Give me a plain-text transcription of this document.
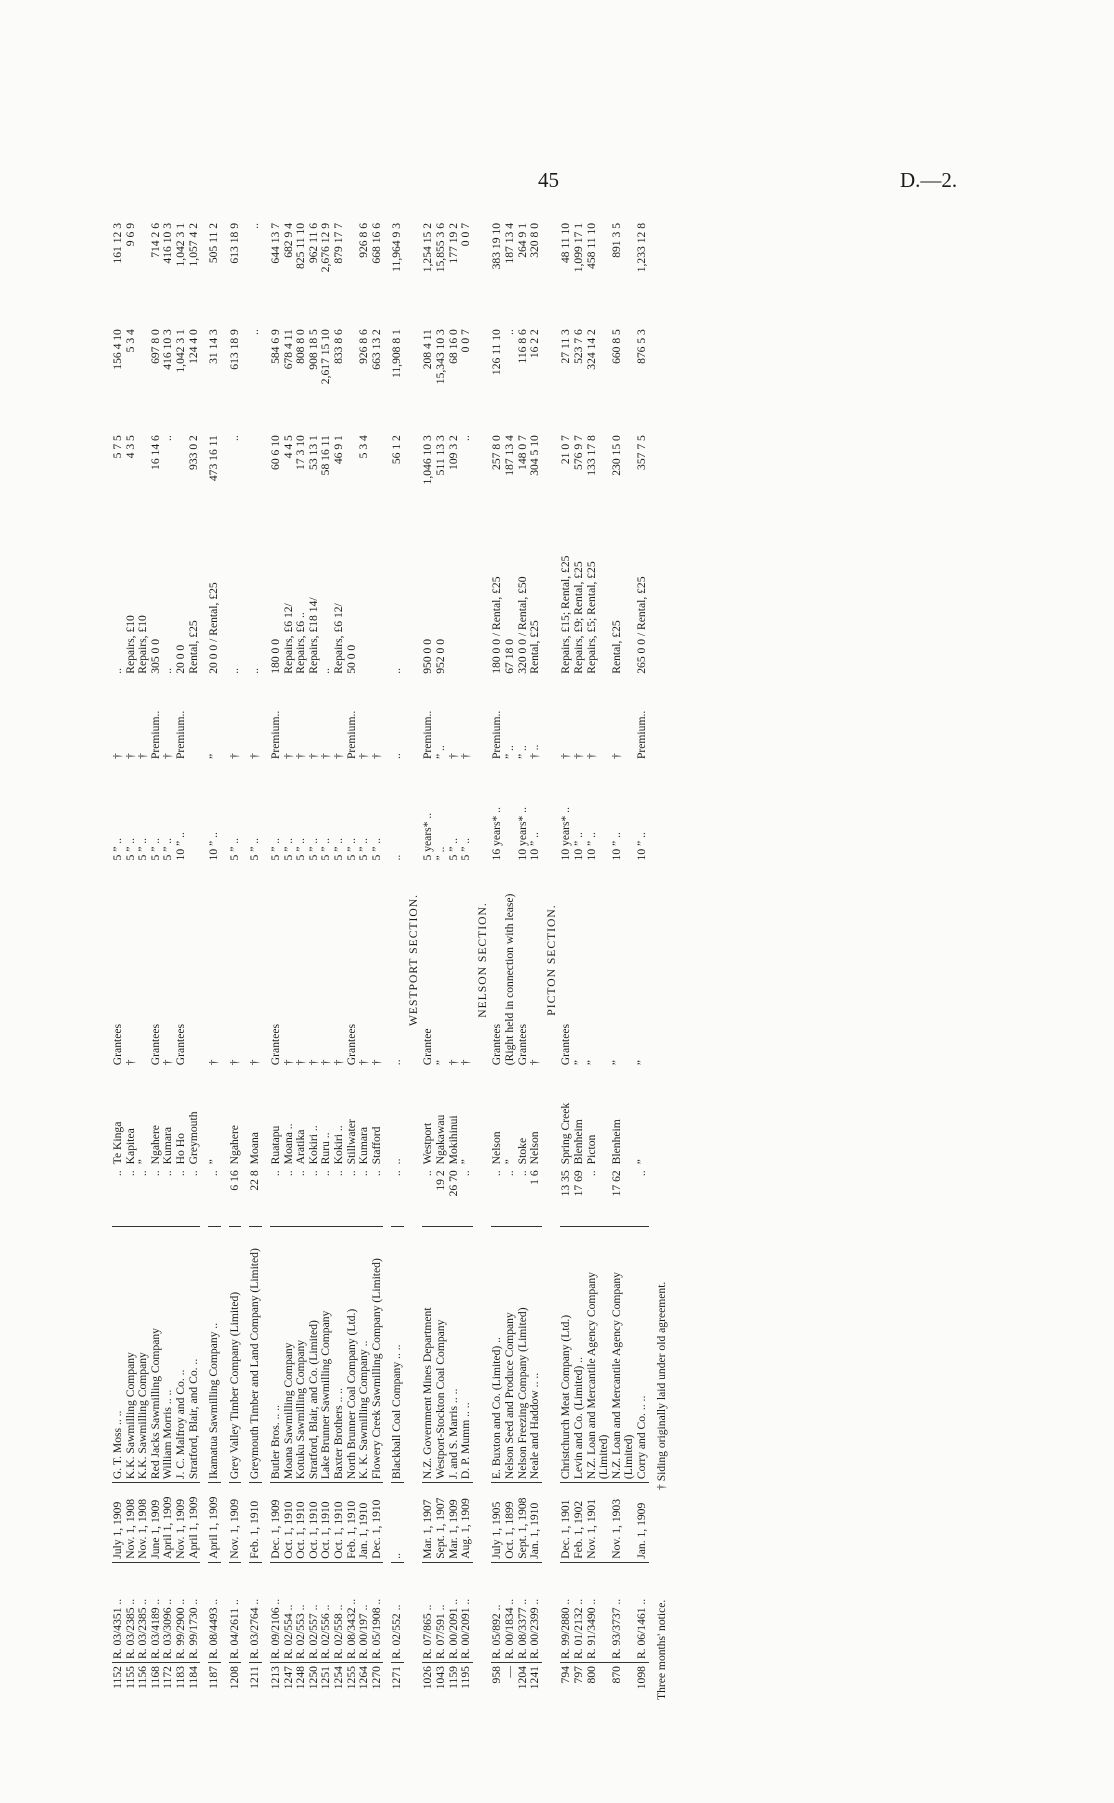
45	D.—2.
1152	R. 03/4351 ..	July 1, 1909	G. T. Moss .. ..	..	Te Kinga	Grantees	5 ” ..	†	..	5 7 5	156 4 10	161 12 3
1155	R. 03/2385 ..	Nov. 1, 1908	K.K. Sawmilling Company	..	Kapitea	†	5 ” ..	†	Repairs, £10	4 3 5	5 3 4	9 6 9
1156	R. 03/2385 ..	Nov. 1, 1908	K.K. Sawmilling Company	..	”		5 ” ..	†	Repairs, £10			
1168	R. 03/4189 ..	June 1, 1909	Red Jacks Sawmilling Company	..	Ngahere	Grantees	5 ” ..	Premium..	305 0 0	16 14 6	697 8 0	714 2 6
1172	R. 03/3096 ..	April 1, 1909	William Morris .. ..	..	Kumara	†	5 ” ..	†	..	..	416 10 3	416 10 3
1183	R. 99/2900 ..	Nov. 1, 1909	J. C. Malfroy and Co. ..	..	Ho Ho	Grantees	10 ” ..	Premium..	20 0 0		1,042 3 1	1,042 3 1
1184	R. 99/1730 ..	April 1, 1909	Stratford, Blair, and Co. ..	..	Greymouth				Rental, £25	933 0 2	124 4 0	1,057 4 2

1187	R. 08/4493 ..	April 1, 1909	Ikamatua Sawmilling Company ..	..	”	†	10 ” ..	”	20 0 0 / Rental, £25	473 16 11	31 14 3	505 11 2

1208	R. 04/2611 ..	Nov. 1, 1909	Grey Valley Timber Company (Limited)	6 16	Ngahere	†	5 ” ..	†	..	..	613 18 9	613 18 9

1211	R. 03/2764 ..	Feb. 1, 1910	Greymouth Timber and Land Company (Limited)	22 8	Moana	†	5 ” ..	†	..		..	..

1213	R. 09/2106 ..	Dec. 1, 1909	Butler Bros. .. ..	..	Ruatapu	Grantees	5 ” ..	Premium..	180 0 0	60 6 10	584 6 9	644 13 7
1247	R. 02/554 ..	Oct. 1, 1910	Moana Sawmilling Company	..	Moana ..	†	5 ” ..	†	Repairs, £6 12/	4 4 5	678 4 11	682 9 4
1248	R. 02/553 ..	Oct. 1, 1910	Kotuku Sawmilling Company	..	Aratika	†	5 ” ..	†	Repairs, £6 ..	17 3 10	808 8 0	825 11 10
1250	R. 02/557 ..	Oct. 1, 1910	Stratford, Blair, and Co. (Limited)	..	Kokiri ..	†	5 ” ..	†	Repairs, £18 14/	53 13 1	908 18 5	962 11 6
1251	R. 02/556 ..	Oct. 1, 1910	Lake Brunner Sawmilling Company	..	Ruru ..	†	5 ” ..	†	..	58 16 11	2,617 15 10	2,676 12 9
1254	R. 02/558 ..	Oct. 1, 1910	Baxter Brothers .. ..	..	Kokiri ..	†	5 ” ..	†	Repairs, £6 12/	46 9 1	833 8 6	879 17 7
1255	R. 08/3432 ..	Feb. 1, 1910	North Brunner Coal Company (Ltd.)	..	Stillwater	Grantees	5 ” ..	Premium..	50 0 0			
1264	R. 00/197 ..	Jan. 1, 1910	K. K. Sawmilling Company ..	..	Kumara	†	5 ” ..	†		5 3 4	926 8 6	926 8 6
1270	R. 05/1908 ..	Dec. 1, 1910	Flowery Creek Sawmilling Company (Limited)	..	Stafford	†	5 ” ..	†			663 13 2	668 16 6

1271	R. 02/552 ..	..	Blackball Coal Company .. ..	..	..	..	..	..	..	56 1 2	11,908 8 1	11,964 9 3
WESTPORT SECTION.												
1026	R. 07/865 ..	Mar. 1, 1907	N.Z. Government Mines Department	..	Westport	Grantee	5 years* ..	Premium..	950 0 0	1,046 10 3	208 4 11	1,254 15 2
1043	R. 07/591 ..	Sept. 1, 1907	Westport-Stockton Coal Company	19 2	Ngakawau	”	” ..	” ..	952 0 0	511 13 3	15,343 10 3	15,855 3 6
1159	R. 00/2091 ..	Mar. 1, 1909	J. and S. Marris .. ..	26 70	Mokihinui	†	5 ” ..	†		109 3 2	68 16 0	177 19 2
1195	R. 00/2091 ..	Aug. 1, 1909	D. P. Mumm .. ..	..	”	†	5 ” ..	†		..	0 0 7	0 0 7
NELSON SECTION.												
958	R. 05/892 ..	July 1, 1905	E. Buxton and Co. (Limited) ..	..	Nelson	Grantees	16 years* ..	Premium..	180 0 0 / Rental, £25	257 8 0	126 11 10	383 19 10
—	R. 00/1834 ..	Oct. 1, 1899	Nelson Seed and Produce Company	..	”	(Right held in connection with lease)		” ..	67 18 0	187 13 4	..	187 13 4
1204	R. 08/3377 ..	Sept. 1, 1908	Nelson Freezing Company (Limited)	..	Stoke	Grantees	10 years* ..	” ..	320 0 0 / Rental, £50	148 0 7	116 8 6	264 9 1
1241	R. 00/2399 ..	Jan. 1, 1910	Neale and Haddow .. ..	1 6	Nelson	†	10 ” ..	† ..	Rental, £25	304 5 10	16 2 2	320 8 0
PICTON SECTION.												
794	R. 99/2880 ..	Dec. 1, 1901	Christchurch Meat Company (Ltd.)	13 35	Spring Creek	Grantees	10 years* ..	†	Repairs, £15; Rental, £25	21 0 7	27 11 3	48 11 10
797	R. 01/2132 ..	Feb. 1, 1902	Levin and Co. (Limited) ..	17 69	Blenheim	”	10 ” ..	†	Repairs, £9; Rental, £25	576 9 7	523 7 6	1,099 17 1
800	R. 91/3490 ..	Nov. 1, 1901	N.Z. Loan and Mercantile Agency Company (Limited)	..	Picton	”	10 ” ..	†	Repairs, £5; Rental, £25	133 17 8	324 14 2	458 11 10
870	R. 93/3737 ..	Nov. 1, 1903	N.Z. Loan and Mercantile Agency Company (Limited)	17 62	Blenheim	”	10 ” ..	†	Rental, £25	230 15 0	660 8 5	891 3 5
1098	R. 06/1461 ..	Jan. 1, 1909	Corry and Co. .. ..	..	”	”	10 ” ..	Premium..	265 0 0 / Rental, £25	357 7 5	876 5 3	1,233 12 8
Three months' notice.
† Siding originally laid under old agreement.
